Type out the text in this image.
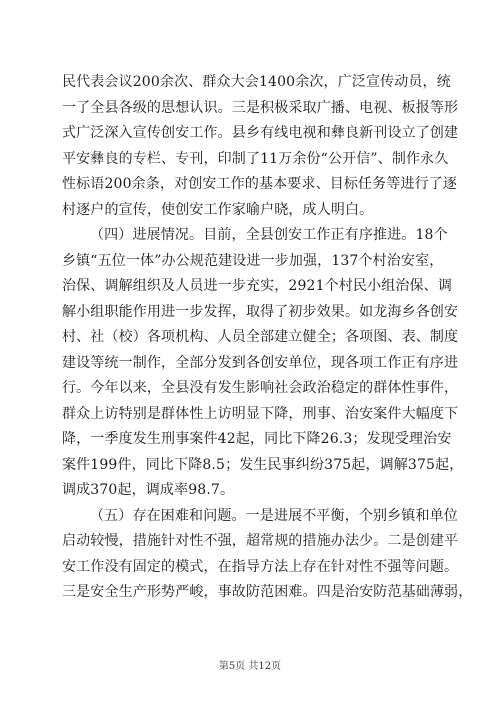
民代表会议200余次、群众大会1400余次，广泛宣传动员，统
一了全县各级的思想认识。三是积极采取广播、电视、板报等形
式广泛深入宣传创安工作。县乡有线电视和彝良新刊设立了创建
平安彝良的专栏、专刊，印制了11万余份“公开信”、制作永久
性标语200余条，对创安工作的基本要求、目标任务等进行了逐
村逐户的宣传，使创安工作家喻户晓，成人明白。
（四）进展情况。目前，全县创安工作正有序推进。18个
乡镇“五位一体”办公规范建设进一步加强，137个村治安室，
治保、调解组织及人员进一步充实，2921个村民小组治保、调
解小组职能作用进一步发挥，取得了初步效果。如龙海乡各创安
村、社（校）各项机构、人员全部建立健全；各项图、表、制度
建设等统一制作，全部分发到各创安单位，现各项工作正有序进
行。今年以来，全县没有发生影响社会政治稳定的群体性事件，
群众上访特别是群体性上访明显下降，刑事、治安案件大幅度下
降，一季度发生刑事案件42起，同比下降26.3；发现受理治安
案件199件，同比下降8.5；发生民事纠纷375起，调解375起，
调成370起，调成率98.7。
（五）存在困难和问题。一是进展不平衡，个别乡镇和单位
启动较慢，措施针对性不强，超常规的措施办法少。二是创建平
安工作没有固定的模式，在指导方法上存在针对性不强等问题。
三是安全生产形势严峻，事故防范困难。四是治安防范基础薄弱，
第5页 共12页
